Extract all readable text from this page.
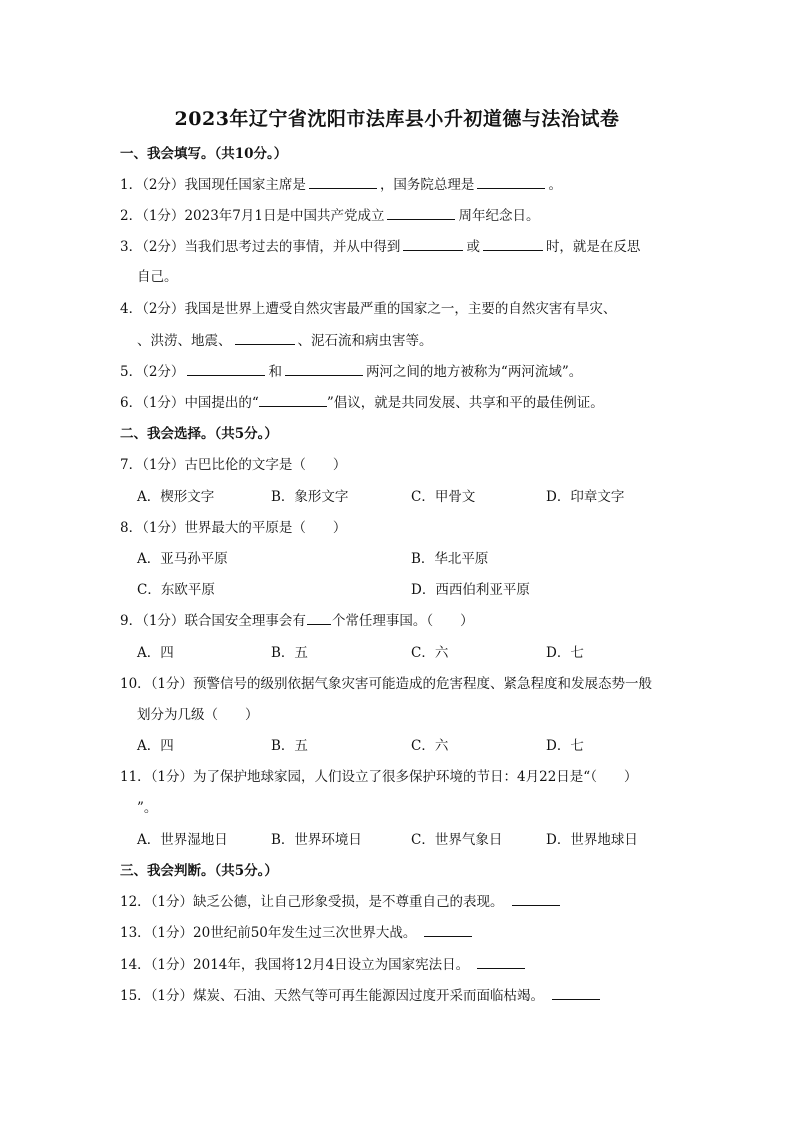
2023年辽宁省沈阳市法库县小升初道德与法治试卷
一、我会填写。（共10分。）
1．（2分）我国现任国家主席是	，国务院总理是	。
2．（1分）2023年7月1日是中国共产党成立	周年纪念日。
3．（2分）当我们思考过去的事情，并从中得到	或	时，就是在反思
自己。
4．（2分）我国是世界上遭受自然灾害最严重的国家之一，主要的自然灾害有旱灾、
、洪涝、地震、	、泥石流和病虫害等。
5．（2分）	和	两河之间的地方被称为“两河流域”。
6．（1分）中国提出的“	”倡议，就是共同发展、共享和平的最佳例证。
二、我会选择。（共5分。）
7．（1分）古巴比伦的文字是（　　）
A．楔形文字	B．象形文字	C．甲骨文	D．印章文字
8．（1分）世界最大的平原是（　　）
A．亚马孙平原	B．华北平原
C．东欧平原	D．西西伯利亚平原
9．（1分）联合国安全理事会有 个常任理事国。（　　）
A．四	B．五	C．六	D．七
10．（1分）预警信号的级别依据气象灾害可能造成的危害程度、紧急程度和发展态势一般
划分为几级（　　）
A．四	B．五	C．六	D．七
11．（1分）为了保护地球家园，人们设立了很多保护环境的节日：4月22日是“（　　）
”。
A．世界湿地日	B．世界环境日	C．世界气象日	D．世界地球日
三、我会判断。（共5分。）
12．（1分）缺乏公德，让自己形象受损，是不尊重自己的表现。
13．（1分）20世纪前50年发生过三次世界大战。
14．（1分）2014年，我国将12月4日设立为国家宪法日。
15．（1分）煤炭、石油、天然气等可再生能源因过度开采而面临枯竭。
